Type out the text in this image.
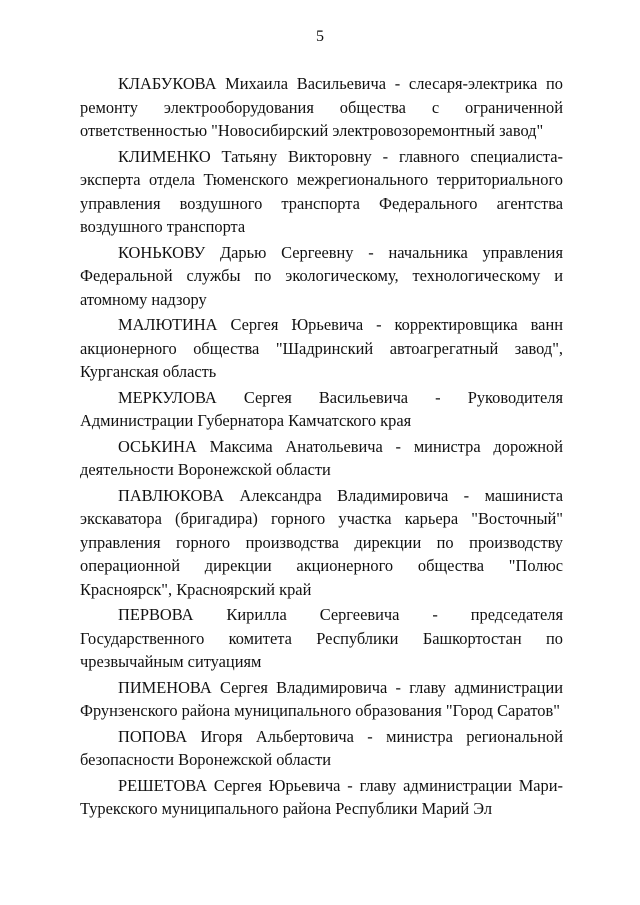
5

КЛАБУКОВА Михаила Васильевича - слесаря-электрика по ремонту электрооборудования общества с ограниченной ответственностью "Новосибирский электровозоремонтный завод"

КЛИМЕНКО Татьяну Викторовну - главного специалиста-эксперта отдела Тюменского межрегионального территориального управления воздушного транспорта Федерального агентства воздушного транспорта

КОНЬКОВУ Дарью Сергеевну - начальника управления Федеральной службы по экологическому, технологическому и атомному надзору

МАЛЮТИНА Сергея Юрьевича - корректировщика ванн акционерного общества "Шадринский автоагрегатный завод", Курганская область

МЕРКУЛОВА Сергея Васильевича - Руководителя Администрации Губернатора Камчатского края

ОСЬКИНА Максима Анатольевича - министра дорожной деятельности Воронежской области

ПАВЛЮКОВА Александра Владимировича - машиниста экскаватора (бригадира) горного участка карьера "Восточный" управления горного производства дирекции по производству операционной дирекции акционерного общества "Полюс Красноярск", Красноярский край

ПЕРВОВА Кирилла Сергеевича - председателя Государственного комитета Республики Башкортостан по чрезвычайным ситуациям

ПИМЕНОВА Сергея Владимировича - главу администрации Фрунзенского района муниципального образования "Город Саратов"

ПОПОВА Игоря Альбертовича - министра региональной безопасности Воронежской области

РЕШЕТОВА Сергея Юрьевича - главу администрации Мари-Турекского муниципального района Республики Марий Эл
